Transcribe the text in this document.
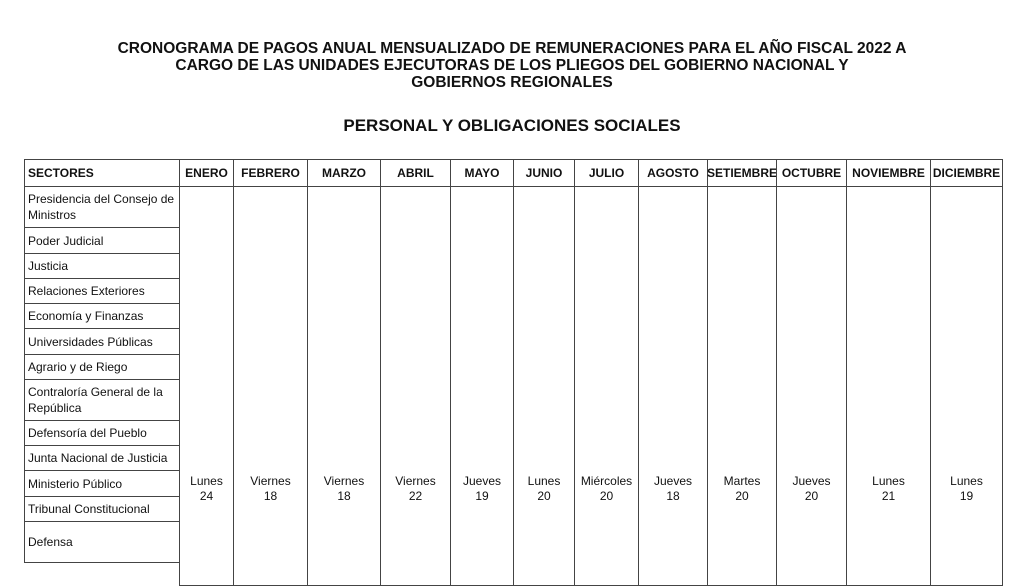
CRONOGRAMA DE PAGOS ANUAL MENSUALIZADO DE REMUNERACIONES PARA EL AÑO FISCAL 2022 A
CARGO DE LAS UNIDADES EJECUTORAS DE LOS PLIEGOS DEL GOBIERNO NACIONAL Y
GOBIERNOS REGIONALES
PERSONAL Y OBLIGACIONES SOCIALES
SECTORES	ENERO
Lunes
24
FEBRERO
Viernes
18
MARZO
Viernes
18
ABRIL
Viernes
22
MAYO
Jueves
19
JUNIO
Lunes
20
JULIO
Miércoles
20
AGOSTO
Jueves
18
SETIEMBRE
Martes
20
OCTUBRE
Jueves
20
NOVIEMBRE
Lunes
21
DICIEMBRE
Lunes
19
Presidencia del Consejo de Ministros
Poder Judicial
Justicia
Relaciones Exteriores
Economía y Finanzas
Universidades Públicas
Agrario y de Riego
Contraloría General de la República
Defensoría del Pueblo
Junta Nacional de Justicia
Ministerio Público
Tribunal Constitucional
Defensa
